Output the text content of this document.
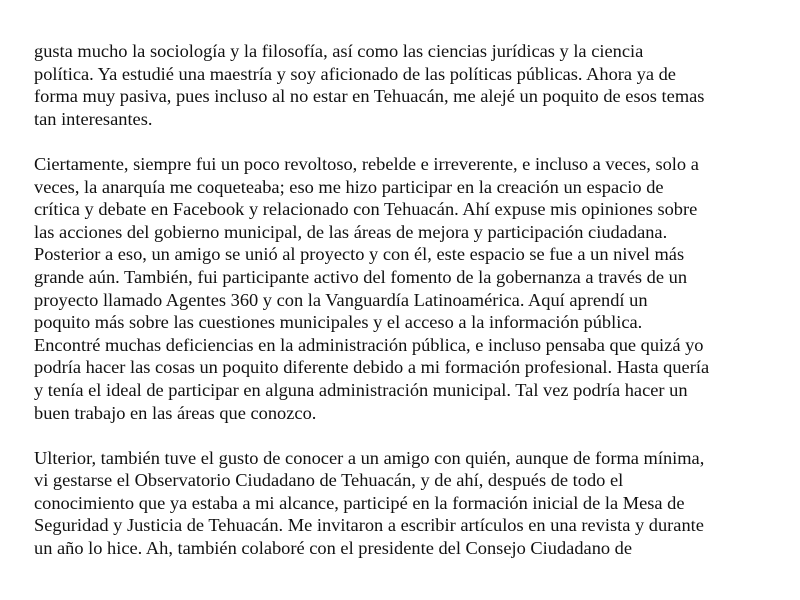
gusta mucho la sociología y la filosofía, así como las ciencias jurídicas y la ciencia
política. Ya estudié una maestría y soy aficionado de las políticas públicas. Ahora ya de
forma muy pasiva, pues incluso al no estar en Tehuacán, me alejé un poquito de esos temas
tan interesantes.
Ciertamente, siempre fui un poco revoltoso, rebelde e irreverente, e incluso a veces, solo a
veces, la anarquía me coqueteaba; eso me hizo participar en la creación un espacio de
crítica y debate en Facebook y relacionado con Tehuacán. Ahí expuse mis opiniones sobre
las acciones del gobierno municipal, de las áreas de mejora y participación ciudadana.
Posterior a eso, un amigo se unió al proyecto y con él, este espacio se fue a un nivel más
grande aún. También, fui participante activo del fomento de la gobernanza a través de un
proyecto llamado Agentes 360 y con la Vanguardía Latinoamérica. Aquí aprendí un
poquito más sobre las cuestiones municipales y el acceso a la información pública.
Encontré muchas deficiencias en la administración pública, e incluso pensaba que quizá yo
podría hacer las cosas un poquito diferente debido a mi formación profesional. Hasta quería
y tenía el ideal de participar en alguna administración municipal. Tal vez podría hacer un
buen trabajo en las áreas que conozco.
Ulterior, también tuve el gusto de conocer a un amigo con quién, aunque de forma mínima,
vi gestarse el Observatorio Ciudadano de Tehuacán, y de ahí, después de todo el
conocimiento que ya estaba a mi alcance, participé en la formación inicial de la Mesa de
Seguridad y Justicia de Tehuacán. Me invitaron a escribir artículos en una revista y durante
un año lo hice. Ah, también colaboré con el presidente del Consejo Ciudadano de
